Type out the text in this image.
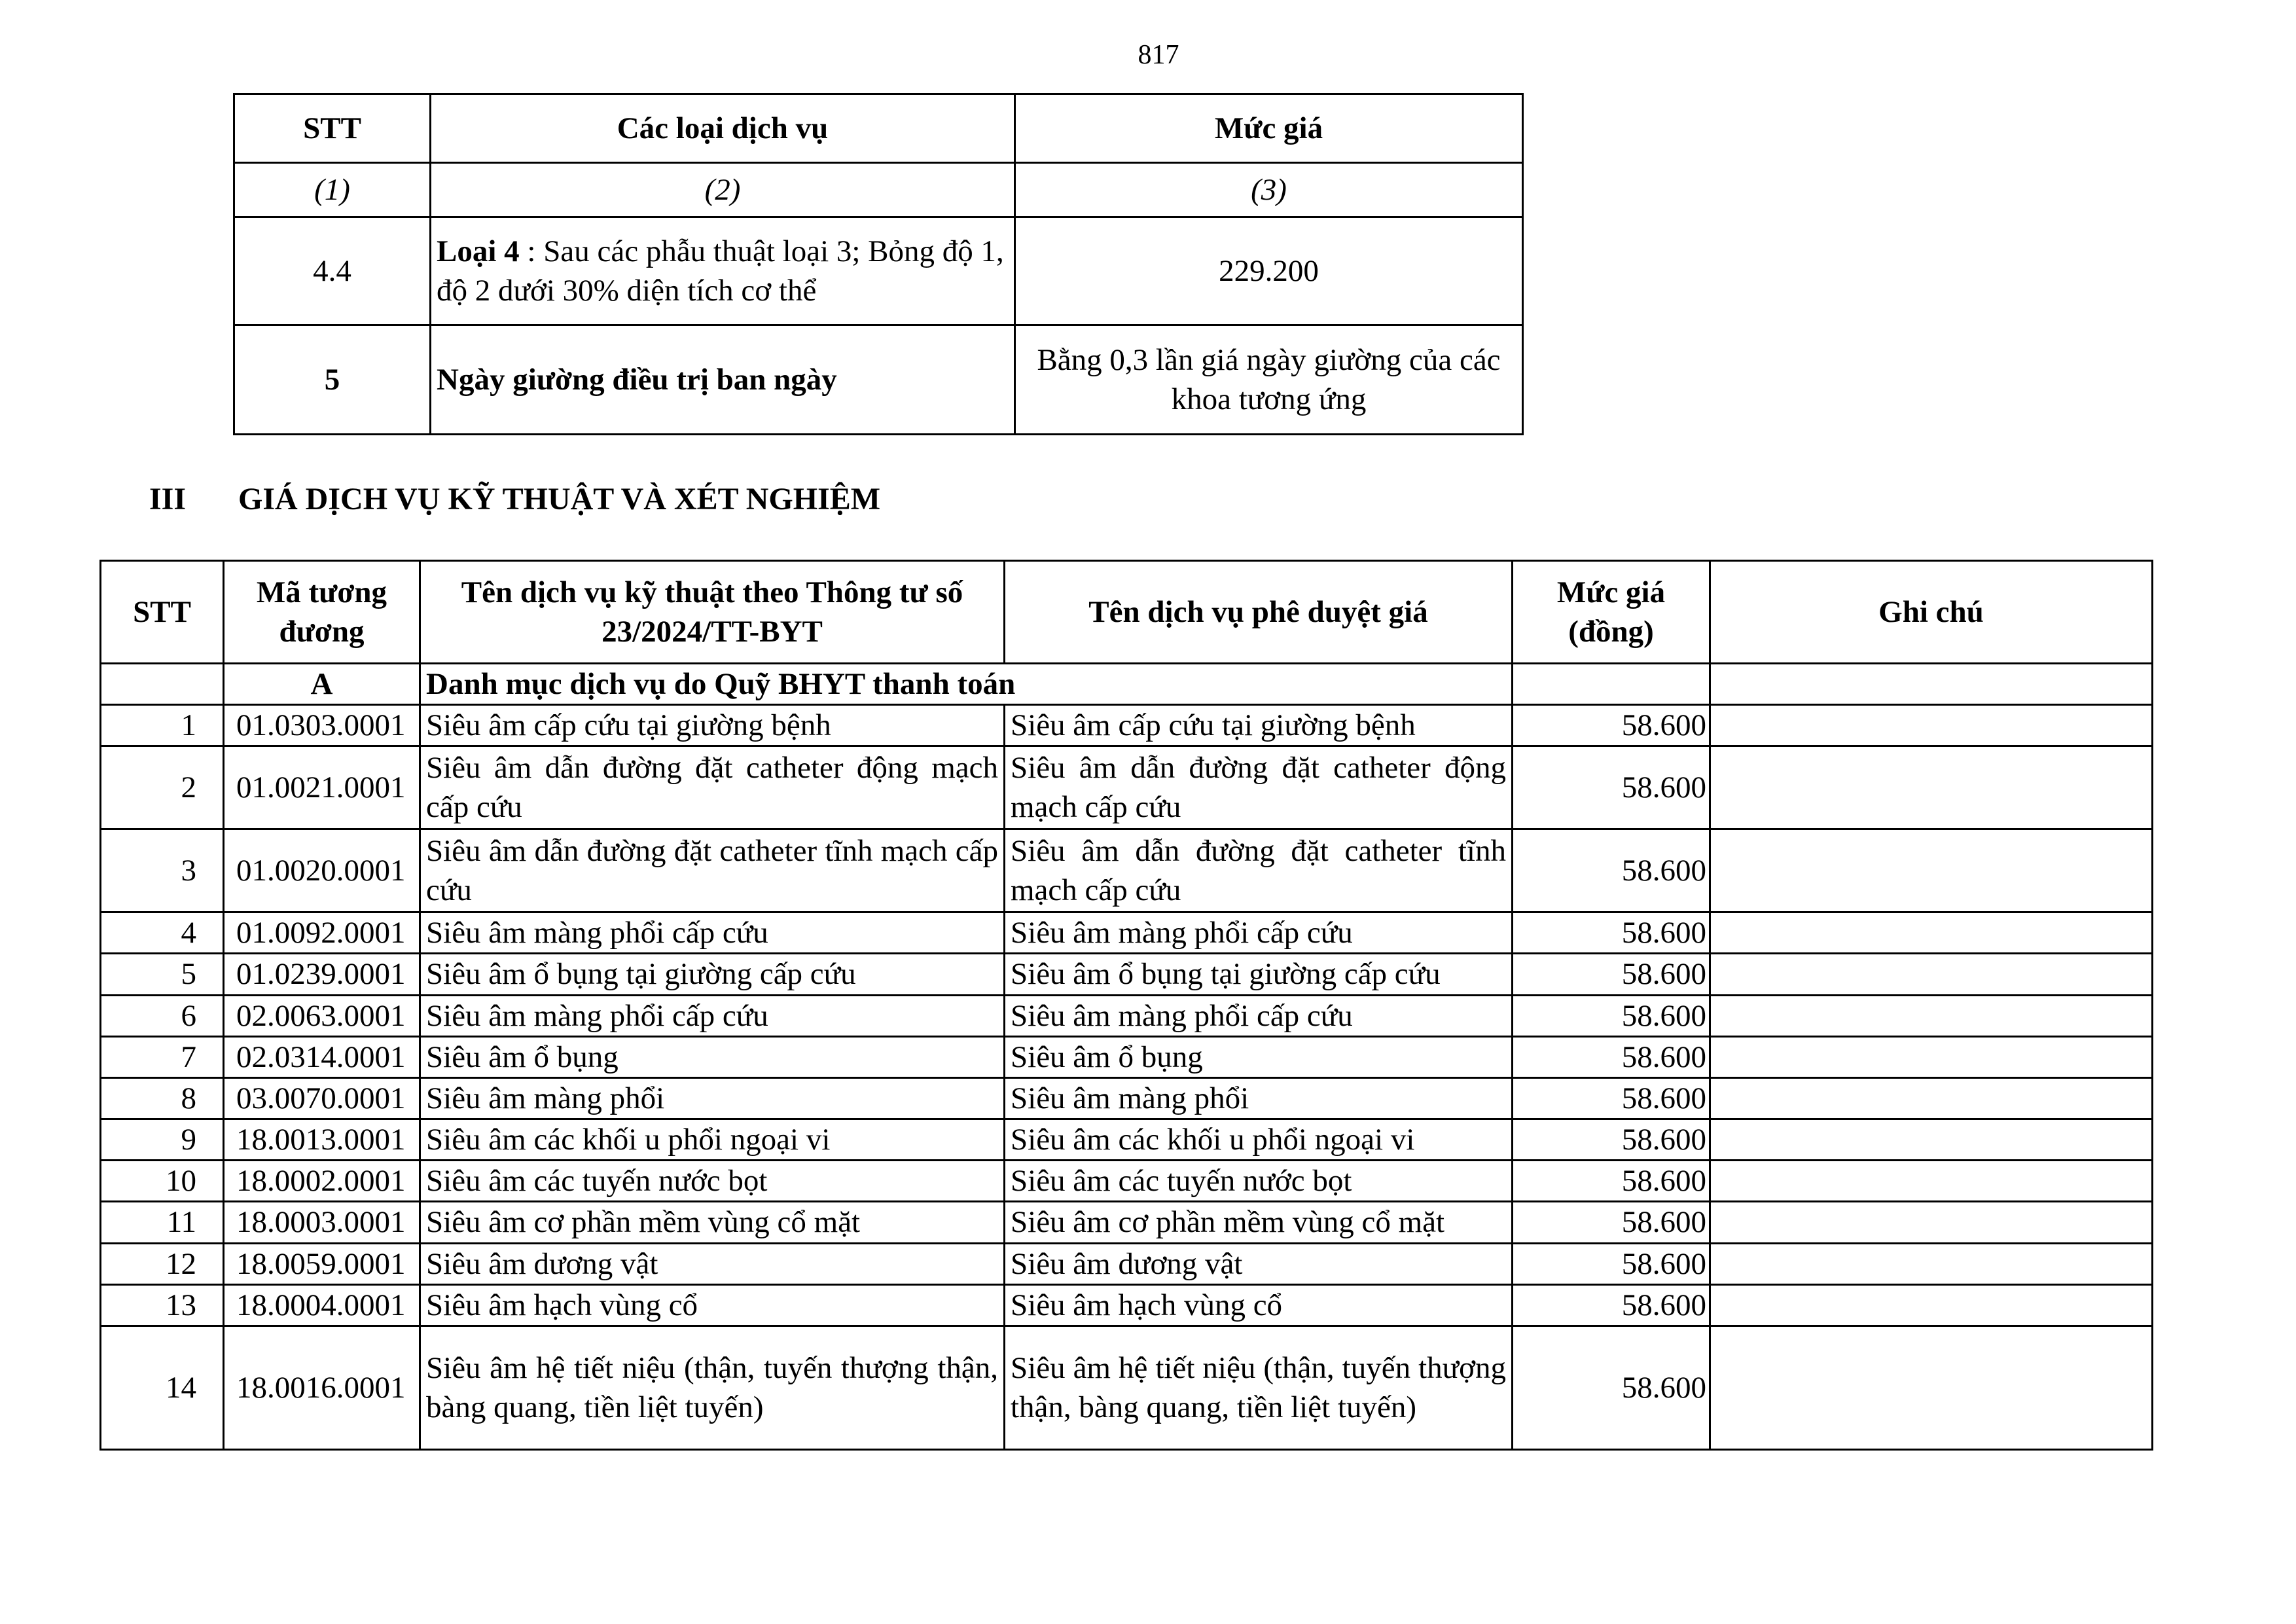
817
STT	Các loại dịch vụ	Mức giá
(1)	(2)	(3)
4.4	Loại 4 : Sau các phẫu thuật loại 3; Bỏng độ 1, độ 2 dưới 30% diện tích cơ thể	229.200
5	Ngày giường điều trị ban ngày	Bằng 0,3 lần giá ngày giường của các khoa tương ứng
III GIÁ DỊCH VỤ KỸ THUẬT VÀ XÉT NGHIỆM
STT	Mã tương đương	Tên dịch vụ kỹ thuật theo Thông tư số 23/2024/TT-BYT	Tên dịch vụ phê duyệt giá	Mức giá (đồng)	Ghi chú
	A	Danh mục dịch vụ do Quỹ BHYT thanh toán			
1	01.0303.0001	Siêu âm cấp cứu tại giường bệnh	Siêu âm cấp cứu tại giường bệnh	58.600	
2	01.0021.0001	Siêu âm dẫn đường đặt catheter động mạch cấp cứu	Siêu âm dẫn đường đặt catheter động mạch cấp cứu	58.600	
3	01.0020.0001	Siêu âm dẫn đường đặt catheter tĩnh mạch cấp cứu	Siêu âm dẫn đường đặt catheter tĩnh mạch cấp cứu	58.600	
4	01.0092.0001	Siêu âm màng phổi cấp cứu	Siêu âm màng phổi cấp cứu	58.600	
5	01.0239.0001	Siêu âm ổ bụng tại giường cấp cứu	Siêu âm ổ bụng tại giường cấp cứu	58.600	
6	02.0063.0001	Siêu âm màng phổi cấp cứu	Siêu âm màng phổi cấp cứu	58.600	
7	02.0314.0001	Siêu âm ổ bụng	Siêu âm ổ bụng	58.600	
8	03.0070.0001	Siêu âm màng phổi	Siêu âm màng phổi	58.600	
9	18.0013.0001	Siêu âm các khối u phổi ngoại vi	Siêu âm các khối u phổi ngoại vi	58.600	
10	18.0002.0001	Siêu âm các tuyến nước bọt	Siêu âm các tuyến nước bọt	58.600	
11	18.0003.0001	Siêu âm cơ phần mềm vùng cổ mặt	Siêu âm cơ phần mềm vùng cổ mặt	58.600	
12	18.0059.0001	Siêu âm dương vật	Siêu âm dương vật	58.600	
13	18.0004.0001	Siêu âm hạch vùng cổ	Siêu âm hạch vùng cổ	58.600	
14	18.0016.0001	Siêu âm hệ tiết niệu (thận, tuyến thượng thận, bàng quang, tiền liệt tuyến)	Siêu âm hệ tiết niệu (thận, tuyến thượng thận, bàng quang, tiền liệt tuyến)	58.600	
